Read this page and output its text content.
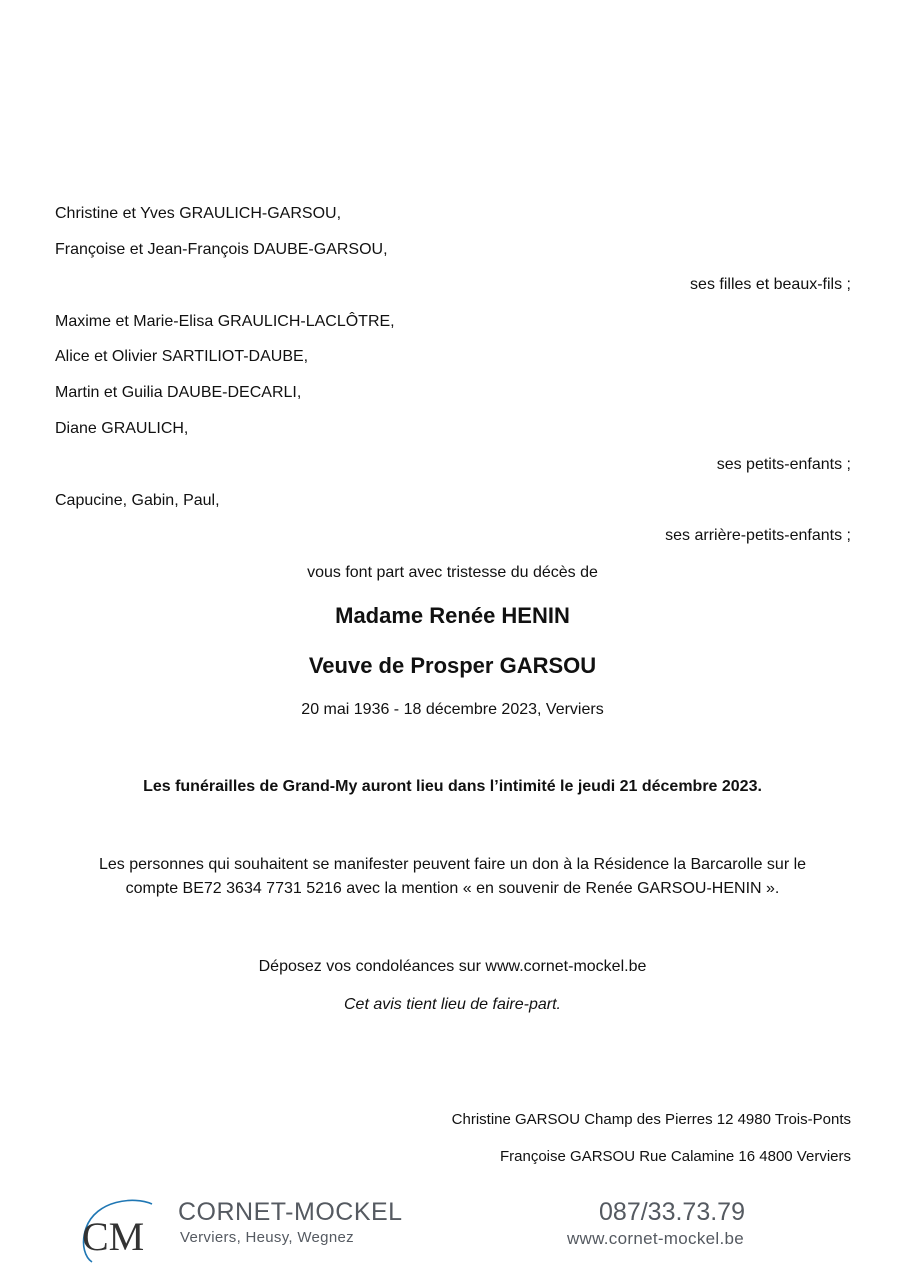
Christine et Yves GRAULICH-GARSOU,
Françoise et Jean-François DAUBE-GARSOU,
ses filles et beaux-fils ;
Maxime et Marie-Elisa GRAULICH-LACLÔTRE,
Alice et Olivier SARTILIOT-DAUBE,
Martin et Guilia DAUBE-DECARLI,
Diane GRAULICH,
ses petits-enfants ;
Capucine, Gabin, Paul,
ses arrière-petits-enfants ;
vous font part avec tristesse du décès de
Madame Renée HENIN
Veuve de Prosper GARSOU
20 mai 1936 - 18 décembre 2023, Verviers
Les funérailles de Grand-My auront lieu dans l’intimité le jeudi 21 décembre 2023.
Les personnes qui souhaitent se manifester peuvent faire un don à la Résidence la Barcarolle sur le
compte BE72 3634 7731 5216 avec la mention « en souvenir de Renée GARSOU-HENIN ».
Déposez vos condoléances sur www.cornet-mockel.be
Cet avis tient lieu de faire-part.
Christine GARSOU Champ des Pierres 12 4980 Trois-Ponts
Françoise GARSOU Rue Calamine 16 4800 Verviers
CM
CORNET-MOCKEL
Verviers, Heusy, Wegnez
087/33.73.79
www.cornet-mockel.be
